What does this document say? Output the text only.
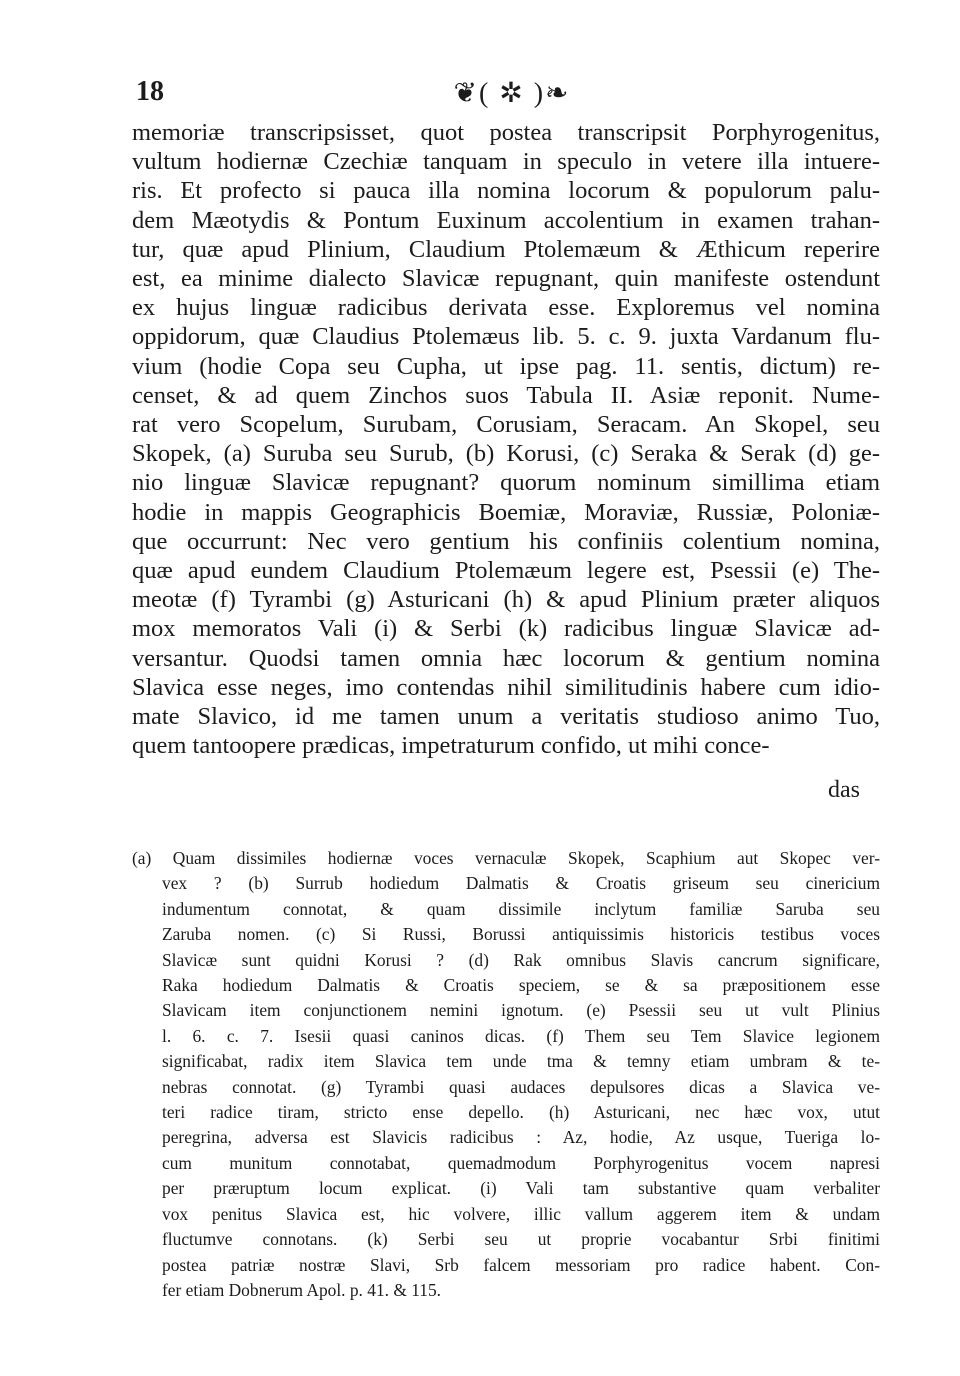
18	❦( ✲ )❧
memoriæ transcripsisset, quot postea transcripsit Porphyrogenitus,
vultum hodiernæ Czechiæ tanquam in speculo in vetere illa intuere-
ris. Et profecto si pauca illa nomina locorum & populorum palu-
dem Mæotydis & Pontum Euxinum accolentium in examen trahan-
tur, quæ apud Plinium, Claudium Ptolemæum & Æthicum reperire
est, ea minime dialecto Slavicæ repugnant, quin manifeste ostendunt
ex hujus linguæ radicibus derivata esse. Exploremus vel nomina
oppidorum, quæ Claudius Ptolemæus lib. 5. c. 9. juxta Vardanum flu-
vium (hodie Copa seu Cupha, ut ipse pag. 11. sentis, dictum) re-
censet, & ad quem Zinchos suos Tabula II. Asiæ reponit. Nume-
rat vero Scopelum, Surubam, Corusiam, Seracam. An Skopel, seu
Skopek, (a) Suruba seu Surub, (b) Korusi, (c) Seraka & Serak (d) ge-
nio linguæ Slavicæ repugnant? quorum nominum simillima etiam
hodie in mappis Geographicis Boemiæ, Moraviæ, Russiæ, Poloniæ-
que occurrunt: Nec vero gentium his confiniis colentium nomina,
quæ apud eundem Claudium Ptolemæum legere est, Psessii (e) The-
meotæ (f) Tyrambi (g) Asturicani (h) & apud Plinium præter aliquos
mox memoratos Vali (i) & Serbi (k) radicibus linguæ Slavicæ ad-
versantur. Quodsi tamen omnia hæc locorum & gentium nomina
Slavica esse neges, imo contendas nihil similitudinis habere cum idio-
mate Slavico, id me tamen unum a veritatis studioso animo Tuo,
quem tantoopere prædicas, impetraturum confido, ut mihi conce-
das
(a) Quam dissimiles hodiernæ voces vernaculæ Skopek, Scaphium aut Skopec ver-
vex ? (b) Surrub hodiedum Dalmatis & Croatis griseum seu cinericium
indumentum connotat, & quam dissimile inclytum familiæ Saruba seu
Zaruba nomen. (c) Si Russi, Borussi antiquissimis historicis testibus voces
Slavicæ sunt quidni Korusi ? (d) Rak omnibus Slavis cancrum significare,
Raka hodiedum Dalmatis & Croatis speciem, se & sa præpositionem esse
Slavicam item conjunctionem nemini ignotum. (e) Psessii seu ut vult Plinius
l. 6. c. 7. Isesii quasi caninos dicas. (f) Them seu Tem Slavice legionem
significabat, radix item Slavica tem unde tma & temny etiam umbram & te-
nebras connotat. (g) Tyrambi quasi audaces depulsores dicas a Slavica ve-
teri radice tiram, stricto ense depello. (h) Asturicani, nec hæc vox, utut
peregrina, adversa est Slavicis radicibus : Az, hodie, Az usque, Tueriga lo-
cum munitum connotabat, quemadmodum Porphyrogenitus vocem napresi
per præruptum locum explicat. (i) Vali tam substantive quam verbaliter
vox penitus Slavica est, hic volvere, illic vallum aggerem item & undam
fluctumve connotans. (k) Serbi seu ut proprie vocabantur Srbi finitimi
postea patriæ nostræ Slavi, Srb falcem messoriam pro radice habent. Con-
fer etiam Dobnerum Apol. p. 41. & 115.
